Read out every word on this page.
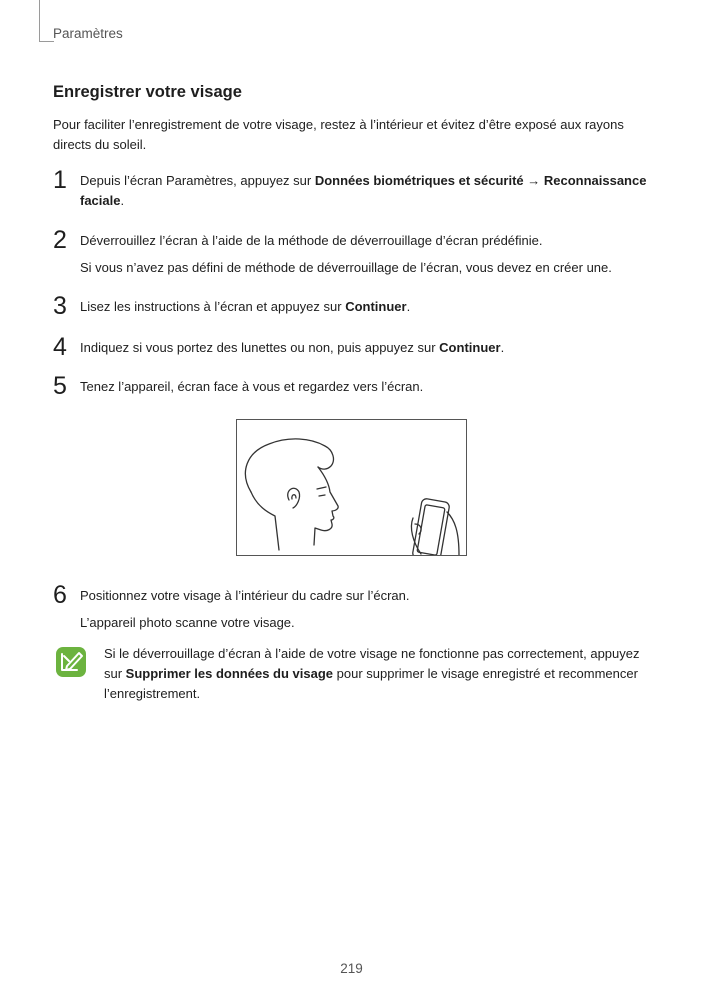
Paramètres
Enregistrer votre visage

Pour faciliter l’enregistrement de votre visage, restez à l’intérieur et évitez d’être exposé aux rayons directs du soleil.

1 Depuis l’écran Paramètres, appuyez sur Données biométriques et sécurité → Reconnaissance faciale.

2 Déverrouillez l’écran à l’aide de la méthode de déverrouillage d’écran prédéfinie.

Si vous n’avez pas défini de méthode de déverrouillage de l’écran, vous devez en créer une.

3 Lisez les instructions à l’écran et appuyez sur Continuer.

4 Indiquez si vous portez des lunettes ou non, puis appuyez sur Continuer.

5 Tenez l’appareil, écran face à vous et regardez vers l’écran.

6 Positionnez votre visage à l’intérieur du cadre sur l’écran.

L’appareil photo scanne votre visage.

Si le déverrouillage d’écran à l’aide de votre visage ne fonctionne pas correctement, appuyez sur Supprimer les données du visage pour supprimer le visage enregistré et recommencer l’enregistrement.

219
